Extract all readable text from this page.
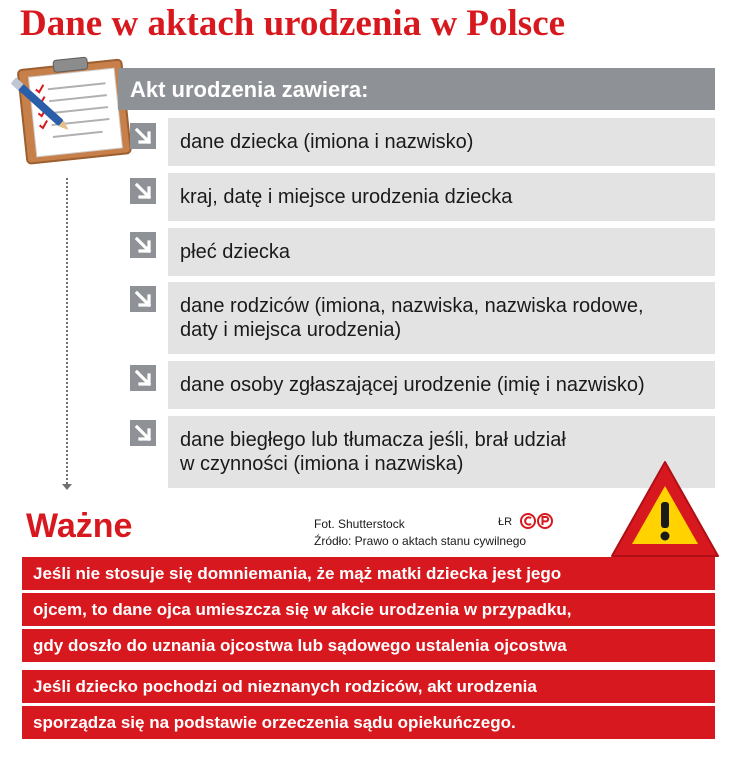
Dane w aktach urodzenia w Polsce
Akt urodzenia zawiera:
dane dziecka (imiona i nazwisko)
kraj, datę i miejsce urodzenia dziecka
płeć dziecka
dane rodziców (imiona, nazwiska, nazwiska rodowe,
daty i miejsca urodzenia)
dane osoby zgłaszającej urodzenie (imię i nazwisko)
dane biegłego lub tłumacza jeśli, brał udział
w czynności (imiona i nazwiska)
Ważne	Fot. Shutterstock
Źródło: Prawo o aktach stanu cywilnego
ŁR
Jeśli nie stosuje się domniemania, że mąż matki dziecka jest jego
ojcem, to dane ojca umieszcza się w akcie urodzenia w przypadku,
gdy doszło do uznania ojcostwa lub sądowego ustalenia ojcostwa
Jeśli dziecko pochodzi od nieznanych rodziców, akt urodzenia
sporządza się na podstawie orzeczenia sądu opiekuńczego.
